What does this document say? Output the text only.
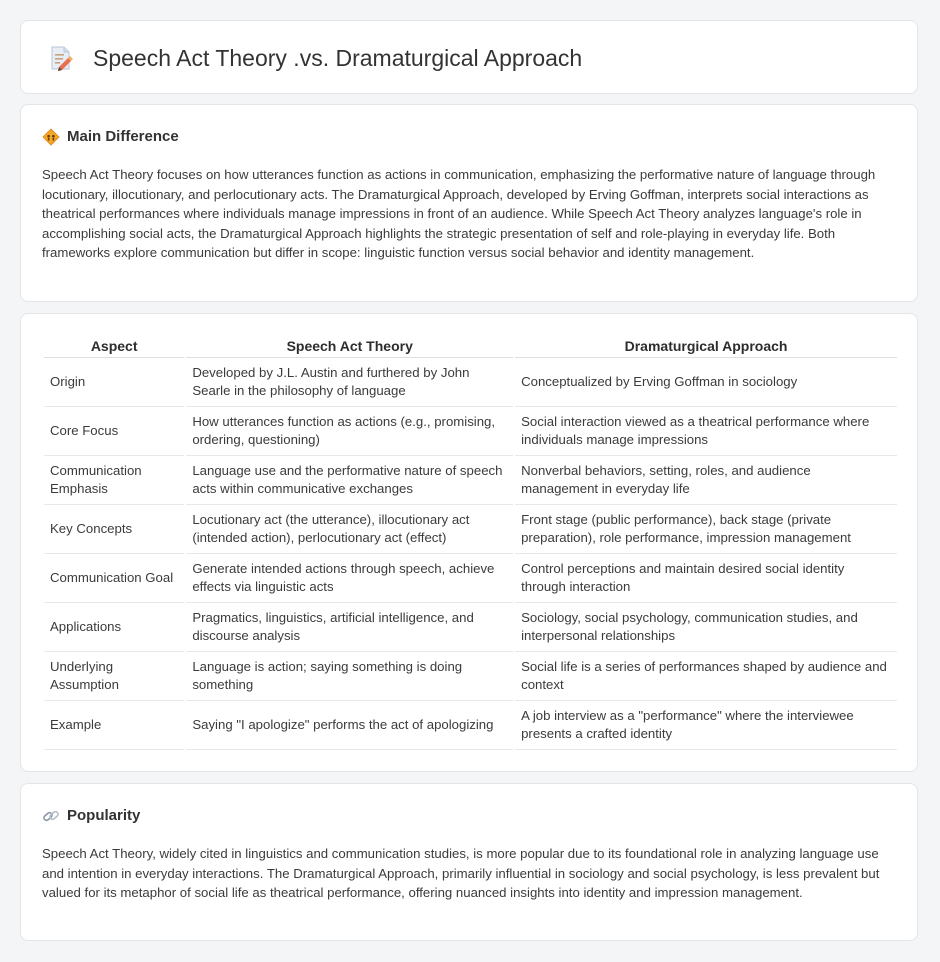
Speech Act Theory .vs. Dramaturgical Approach
Main Difference

Speech Act Theory focuses on how utterances function as actions in communication, emphasizing the performative nature of language through locutionary, illocutionary, and perlocutionary acts. The Dramaturgical Approach, developed by Erving Goffman, interprets social interactions as theatrical performances where individuals manage impressions in front of an audience. While Speech Act Theory analyzes language's role in accomplishing social acts, the Dramaturgical Approach highlights the strategic presentation of self and role-playing in everyday life. Both frameworks explore communication but differ in scope: linguistic function versus social behavior and identity management.

Aspect	Speech Act Theory	Dramaturgical Approach
Origin	Developed by J.L. Austin and furthered by John Searle in the philosophy of language	Conceptualized by Erving Goffman in sociology
Core Focus	How utterances function as actions (e.g., promising, ordering, questioning)	Social interaction viewed as a theatrical performance where individuals manage impressions
Communication Emphasis	Language use and the performative nature of speech acts within communicative exchanges	Nonverbal behaviors, setting, roles, and audience management in everyday life
Key Concepts	Locutionary act (the utterance), illocutionary act (intended action), perlocutionary act (effect)	Front stage (public performance), back stage (private preparation), role performance, impression management
Communication Goal	Generate intended actions through speech, achieve effects via linguistic acts	Control perceptions and maintain desired social identity through interaction
Applications	Pragmatics, linguistics, artificial intelligence, and discourse analysis	Sociology, social psychology, communication studies, and interpersonal relationships
Underlying Assumption	Language is action; saying something is doing something	Social life is a series of performances shaped by audience and context
Example	Saying "I apologize" performs the act of apologizing	A job interview as a "performance" where the interviewee presents a crafted identity
Popularity

Speech Act Theory, widely cited in linguistics and communication studies, is more popular due to its foundational role in analyzing language use and intention in everyday interactions. The Dramaturgical Approach, primarily influential in sociology and social psychology, is less prevalent but valued for its metaphor of social life as theatrical performance, offering nuanced insights into identity and impression management.
